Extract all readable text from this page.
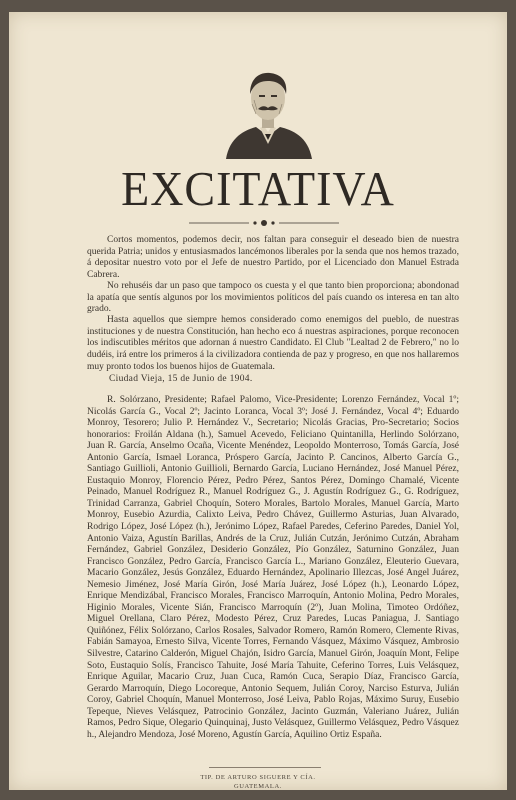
EXCITATIVA

Cortos momentos, podemos decir, nos faltan para conseguir el deseado bien de nuestra querida Patria; unidos y entusiasmados lancémonos liberales por la senda que nos hemos trazado, á depositar nuestro voto por el Jefe de nuestro Partido, por el Licenciado don Manuel Estrada Cabrera.

No rehuséis dar un paso que tampoco os cuesta y el que tanto bien proporciona; abondonad la apatía que sentís algunos por los movimientos políticos del país cuando os interesa en tan alto grado.

Hasta aquellos que siempre hemos considerado como enemigos del pueblo, de nuestras instituciones y de nuestra Constitución, han hecho eco á nuestras aspiraciones, porque reconocen los indiscutibles méritos que adornan á nuestro Candidato. El Club "Lealtad 2 de Febrero," no lo dudéis, irá entre los primeros á la civilizadora contienda de paz y progreso, en que nos hallaremos muy pronto todos los buenos hijos de Guatemala.

Ciudad Vieja, 15 de Junio de 1904.

R. Solórzano, Presidente; Rafael Palomo, Vice-Presidente; Lorenzo Fernández, Vocal 1º; Nicolás García G., Vocal 2º; Jacinto Loranca, Vocal 3º; José J. Fernández, Vocal 4º; Eduardo Monroy, Tesorero; Julio P. Hernández V., Secretario; Nicolás Gracias, Pro-Secretario; Socios honorarios: Froilán Aldana (h.), Samuel Acevedo, Feliciano Quintanilla, Herlindo Solórzano, Juan R. García, Anselmo Ocaña, Vicente Menéndez, Leopoldo Monterroso, Tomás García, José Antonio García, Ismael Loranca, Próspero García, Jacinto P. Cancinos, Alberto García G., Santiago Guillioli, Antonio Guillioli, Bernardo García, Luciano Hernández, José Manuel Pérez, Eustaquio Monroy, Florencio Pérez, Pedro Pérez, Santos Pérez, Domingo Chamalé, Vicente Peinado, Manuel Rodríguez R., Manuel Rodríguez G., J. Agustín Rodríguez G., G. Rodríguez, Trinidad Carranza, Gabriel Choquín, Sotero Morales, Bartolo Morales, Manuel García, Marto Monroy, Eusebio Azurdia, Calixto Leiva, Pedro Chávez, Guillermo Asturias, Juan Alvarado, Rodrigo López, José López (h.), Jerónimo López, Rafael Paredes, Ceferino Paredes, Daniel Yol, Antonio Vaiza, Agustín Barillas, Andrés de la Cruz, Julián Cutzán, Jerónimo Cutzán, Abraham Fernández, Gabriel González, Desiderio González, Pío González, Saturnino González, Juan Francisco González, Pedro García, Francisco García L., Mariano González, Eleuterio Guevara, Macario González, Jesús González, Eduardo Hernández, Apolinario Illezcas, José Angel Juárez, Nemesio Jiménez, José María Girón, José María Juárez, José López (h.), Leonardo López, Enrique Mendizábal, Francisco Morales, Francisco Marroquín, Antonio Molina, Pedro Morales, Higinio Morales, Vicente Sián, Francisco Marroquín (2º), Juan Molina, Timoteo Ordóñez, Miguel Orellana, Claro Pérez, Modesto Pérez, Cruz Paredes, Lucas Paniagua, J. Santiago Quiñónez, Félix Solórzano, Carlos Rosales, Salvador Romero, Ramón Romero, Clemente Rivas, Fabián Samayoa, Ernesto Silva, Vicente Torres, Fernando Vásquez, Máximo Vásquez, Ambrosio Silvestre, Catarino Calderón, Miguel Chajón, Isidro García, Manuel Girón, Joaquín Mont, Felipe Soto, Eustaquio Solís, Francisco Tahuite, José María Tahuite, Ceferino Torres, Luis Velásquez, Enrique Aguilar, Macario Cruz, Juan Cuca, Ramón Cuca, Serapio Díaz, Francisco García, Gerardo Marroquín, Diego Locoreque, Antonio Sequem, Julián Coroy, Narciso Esturva, Julián Coroy, Gabriel Choquín, Manuel Monterroso, José Leiva, Pablo Rojas, Máximo Suruy, Eusebio Tepeque, Nieves Velásquez, Patrocinio González, Jacinto Guzmán, Valeriano Juárez, Julián Ramos, Pedro Sique, Olegario Quinquinaj, Justo Velásquez, Guillermo Velásquez, Pedro Vásquez h., Alejandro Mendoza, José Moreno, Agustín García, Aquilino Ortiz España.

TIP. DE ARTURO SIGUERE Y CÍA.
GUATEMALA.
